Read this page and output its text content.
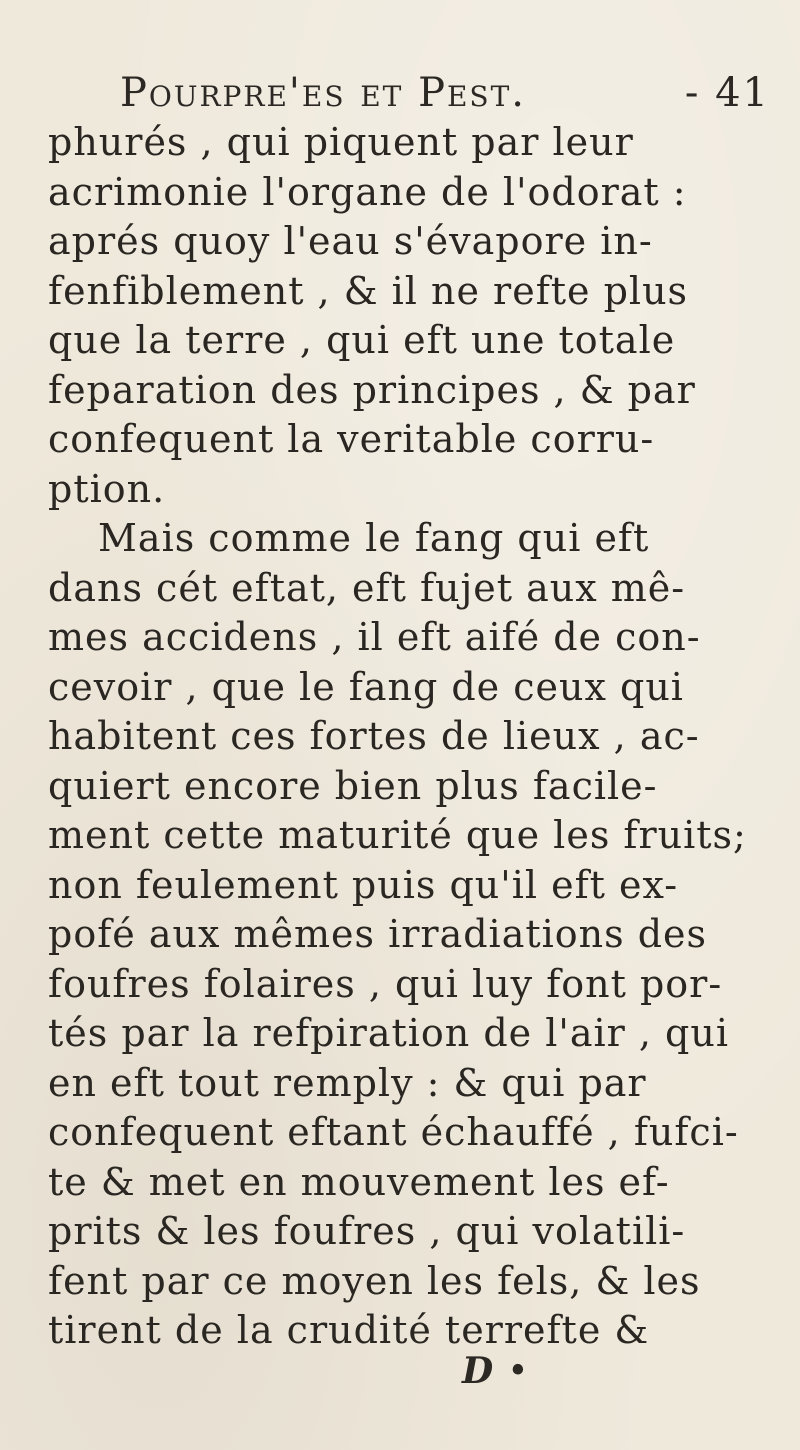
Pourpre'es et Pest.	- 41
phurés , qui piquent par leur
acrimonie l'organe de l'odorat :
aprés quoy l'eau s'évapore in-
fenfiblement , & il ne refte plus
que la terre , qui eft une totale
feparation des principes , & par
confequent la veritable corru-
ption.
Mais comme le fang qui eft
dans cét eftat, eft fujet aux mê-
mes accidens , il eft aifé de con-
cevoir , que le fang de ceux qui
habitent ces fortes de lieux , ac-
quiert encore bien plus facile-
ment cette maturité que les fruits;
non feulement puis qu'il eft ex-
pofé aux mêmes irradiations des
foufres folaires , qui luy font por-
tés par la refpiration de l'air , qui
en eft tout remply : & qui par
confequent eftant échauffé , fufci-
te & met en mouvement les ef-
prits & les foufres , qui volatili-
fent par ce moyen les fels, & les
tirent de la crudité terrefte &
D •
